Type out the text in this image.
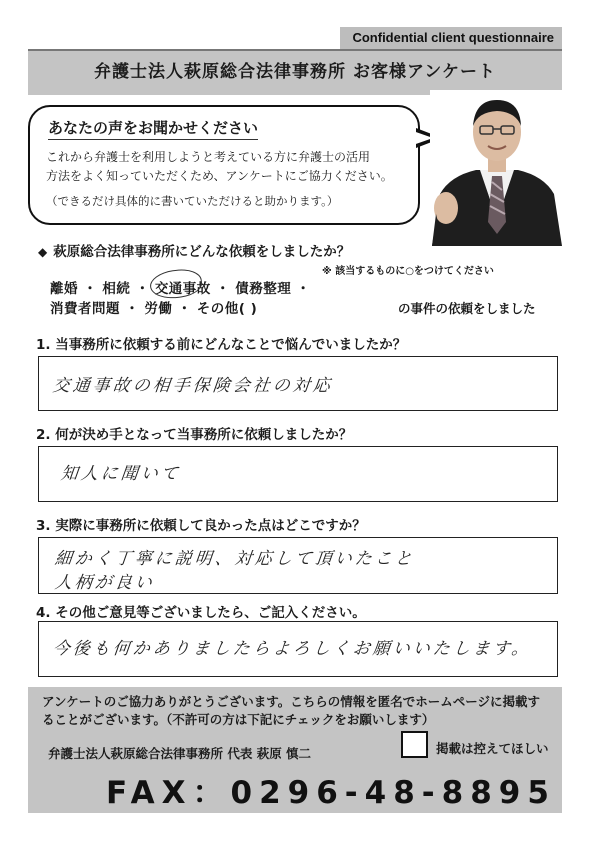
Confidential client questionnaire
弁護士法人萩原総合法律事務所 お客様アンケート
あなたの声をお聞かせください
これから弁護士を利用しようと考えている方に弁護士の活用
方法をよく知っていただくため、アンケートにご協力ください。
（できるだけ具体的に書いていただけると助かります。）
◆ 萩原総合法律事務所にどんな依頼をしましたか？
※ 該当するものに○をつけてください
離婚 ・ 相続 ・ 交通事故 ・ 債務整理 ・
消費者問題 ・ 労働 ・ その他( )	の事件の依頼をしました
1. 当事務所に依頼する前にどんなことで悩んでいましたか？
交通事故の相手保険会社の対応
2. 何が決め手となって当事務所に依頼しましたか？
知人に聞いて
3. 実際に事務所に依頼して良かった点はどこですか？
細かく丁寧に説明、対応して頂いたこと
人柄が良い
4. その他ご意見等ございましたら、ご記入ください。
今後も何かありましたらよろしくお願いいたします。
アンケートのご協力ありがとうございます。こちらの情報を匿名でホームページに掲載することがございます。（不許可の方は下記にチェックをお願いします）
弁護士法人萩原総合法律事務所 代表 萩原 慎二	掲載は控えてほしい
FAX：0296-48-8895
